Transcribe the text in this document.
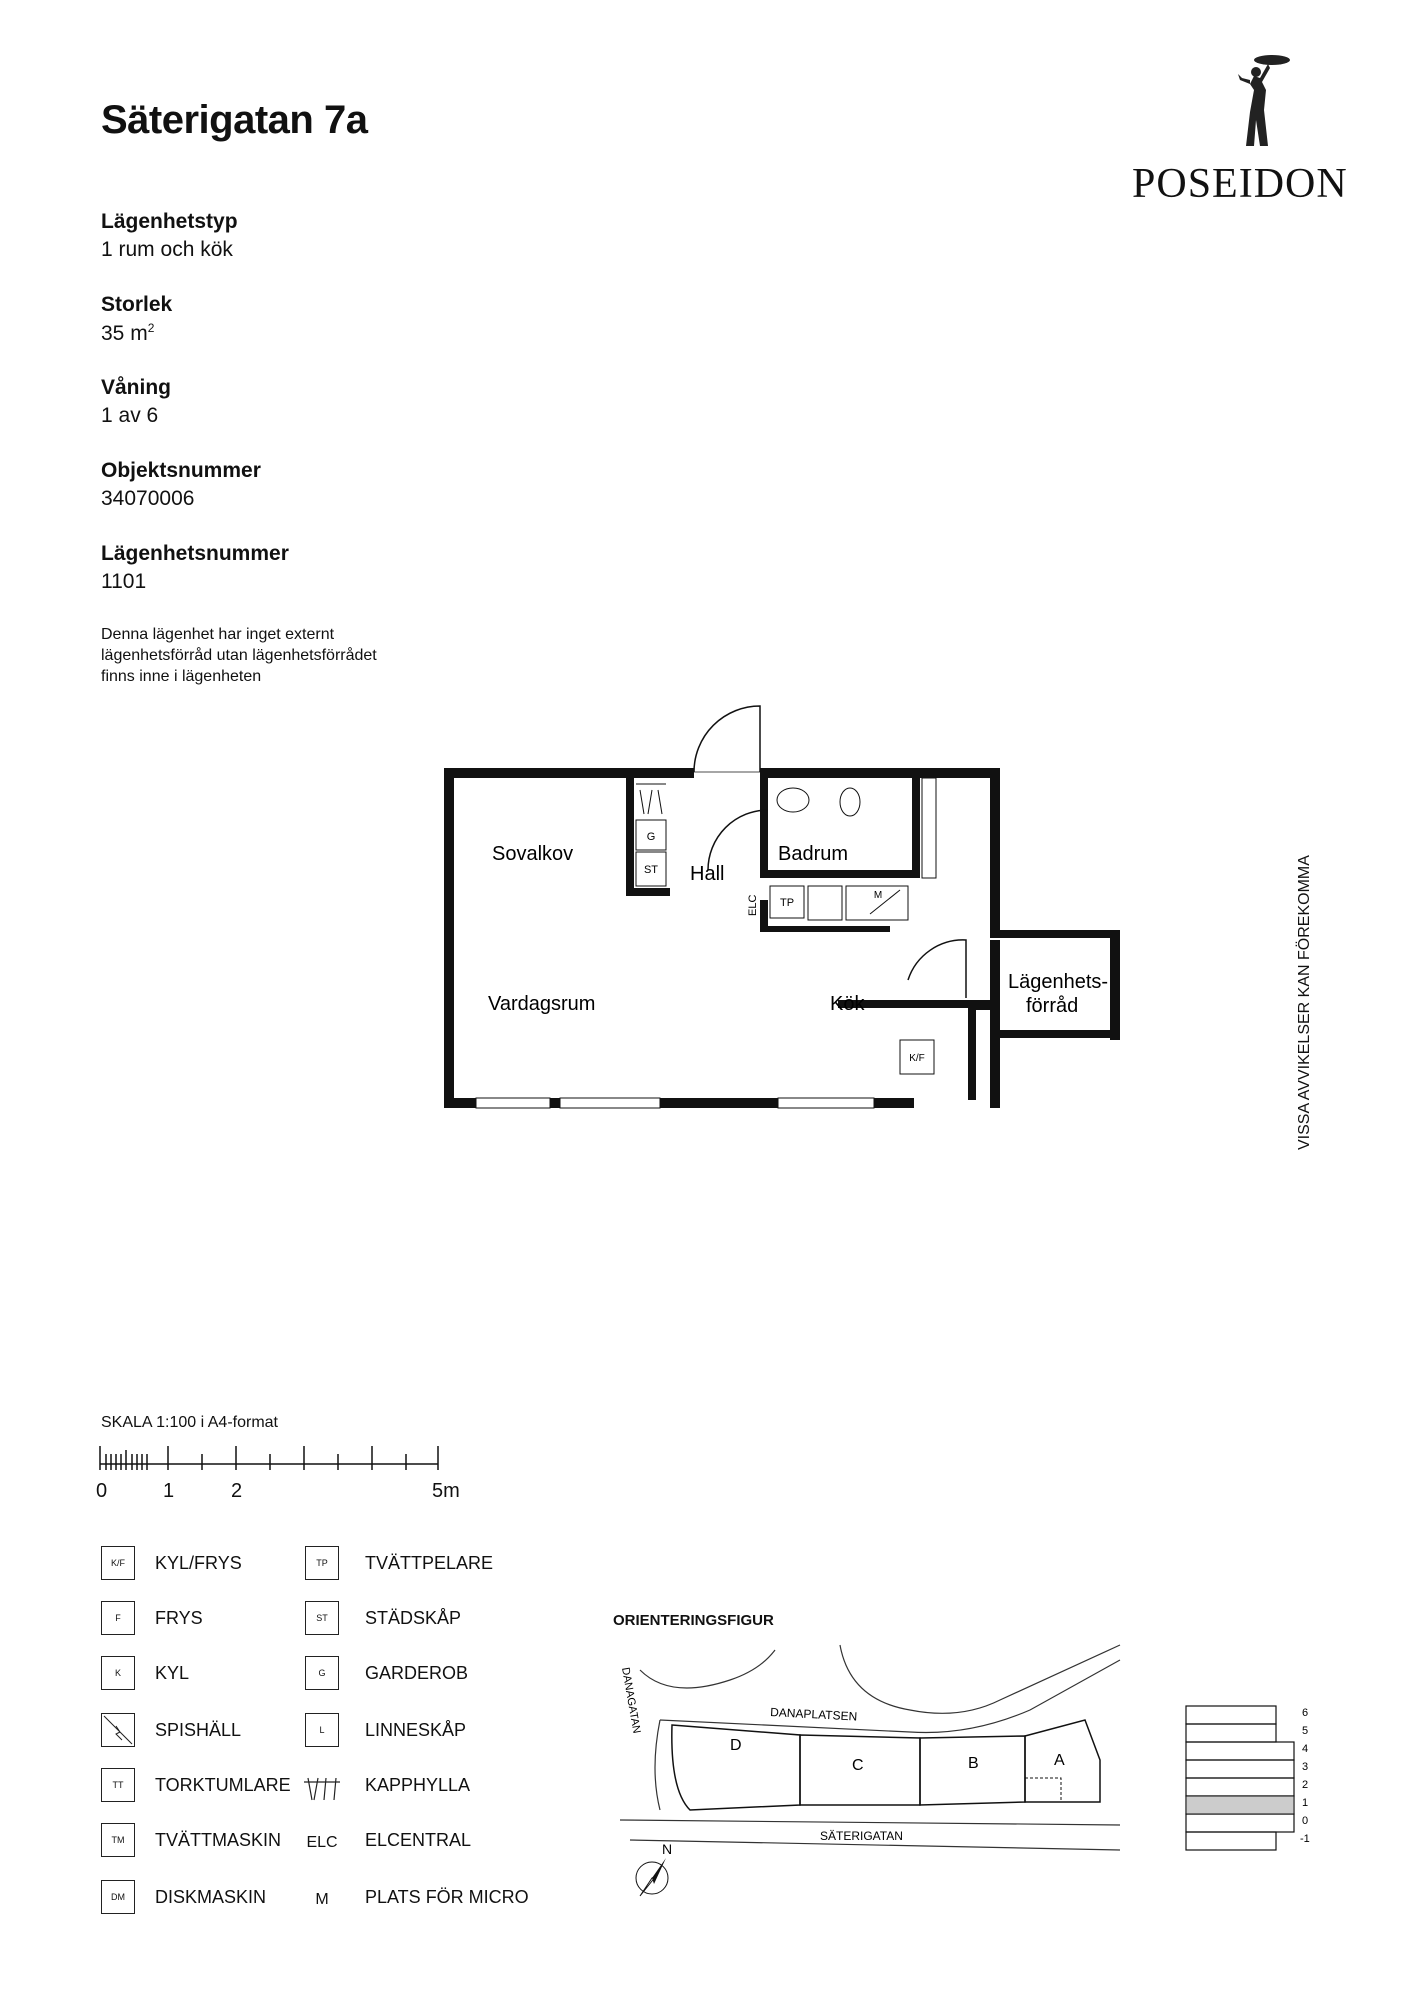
Säterigatan 7a
Lägenhetstyp
1 rum och kök
Storlek
35 $m^2$
Våning
1 av 6
Objektsnummer
34070006
Lägenhetsnummer
1101
Denna lägenhet har inget externt
lägenhetsförråd utan lägenhetsförrådet
finns inne i lägenheten
POSEIDON
VISSA AVVIKELSER KAN FÖREKOMMA
G
ST
TP
M
K/F
ELC
Sovalkov
Hall
Badrum
Vardagsrum	Kök
Lägenhets-
förråd
SKALA 1:100 i A4-format
0	1	2	5m
K/F	KYL/FRYS
F	FRYS
K	KYL
SPISHÄLL
TT	TORKTUMLARE
TM	TVÄTTMASKIN
DM	DISKMASKIN
TP	TVÄTTPELARE
ST	STÄDSKÅP
G	GARDEROB
L	LINNESKÅP
KAPPHYLLA
ELC ELCENTRAL
M	PLATS FÖR MICRO
ORIENTERINGSFIGUR
D
C	B	A
DANAPLATSEN
SÄTERIGATAN
DANAGATAN
N
6
5
4
3
2
1
0
-1
